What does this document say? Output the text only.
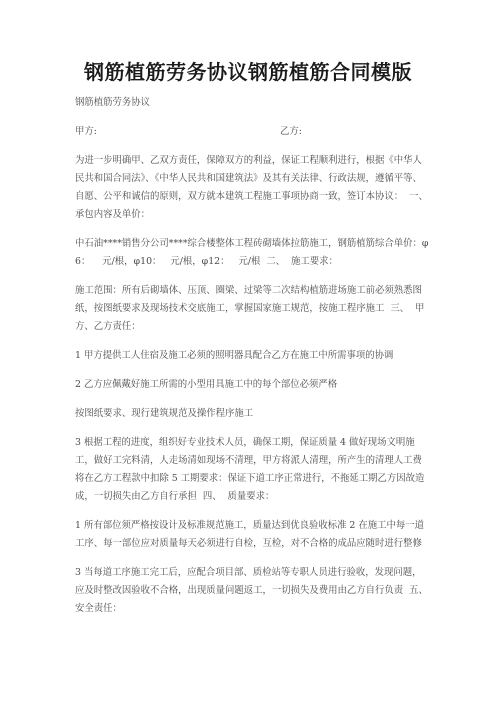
钢筋植筋劳务协议钢筋植筋合同模版

钢筋植筋劳务协议

甲方:	乙方:

为进一步明确甲、乙双方责任，保障双方的利益，保证工程顺利进行，根据《中华人民共和国合同法》、《中华人民共和国建筑法》及其有关法律、行政法规，遵循平等、自愿、公平和诚信的原则，双方就本建筑工程施工事项协商一致，签订本协议：  一、  承包内容及单价：

中石油****销售分公司****综合楼整体工程砖砌墙体拉筋施工，钢筋植筋综合单价：φ6：    元/根，φ10：   元/根，φ12：   元/根  二、  施工要求：

施工范围：所有后砌墙体、压顶、圈梁、过梁等二次结构植筋进场施工前必须熟悉图纸，按图纸要求及现场技术交底施工，掌握国家施工规范，按施工程序施工  三、  甲方、乙方责任：

1 甲方提供工人住宿及施工必须的照明器具配合乙方在施工中所需事项的协调

2 乙方应佩戴好施工所需的小型用具施工中的每个部位必须严格

按图纸要求、现行建筑规范及操作程序施工

3 根据工程的进度，组织好专业技术人员，确保工期，保证质量 4 做好现场文明施工，做好工完料清，人走场清如现场不清理，甲方将派人清理，所产生的清理人工费将在乙方工程款中扣除 5 工期要求：保证下道工序正常进行，不拖延工期乙方因故造成，一切损失由乙方自行承担  四、  质量要求：

1 所有部位须严格按设计及标准规范施工，质量达到优良验收标准 2 在施工中每一道工序、每一部位应对质量每天必须进行自检，互检，对不合格的成品应随时进行整修

3 当每道工序施工完工后，应配合项目部、质检站等专职人员进行验收，发现问题，应及时整改因验收不合格，出现质量问题返工，一切损失及费用由乙方自行负责  五、  安全责任：
